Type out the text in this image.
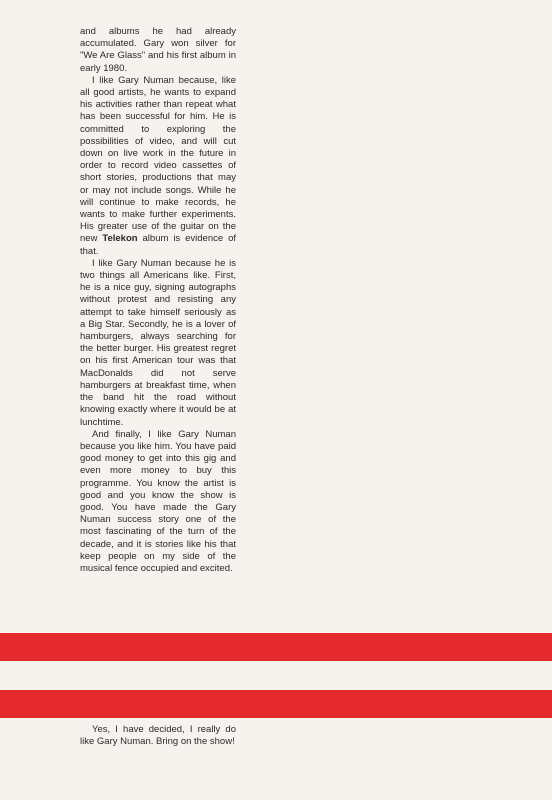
and albums he had already accumulated. Gary won silver for "We Are Glass" and his first album in early 1980.

I like Gary Numan because, like all good artists, he wants to expand his activities rather than repeat what has been successful for him. He is committed to exploring the possibilities of video, and will cut down on live work in the future in order to record video cassettes of short stories, productions that may or may not include songs. While he will continue to make records, he wants to make further experiments. His greater use of the guitar on the new Telekon album is evidence of that.

I like Gary Numan because he is two things all Americans like. First, he is a nice guy, signing autographs without protest and resisting any attempt to take himself seriously as a Big Star. Secondly, he is a lover of hamburgers, always searching for the better burger. His greatest regret on his first American tour was that MacDonalds did not serve hamburgers at breakfast time, when the band hit the road without knowing exactly where it would be at lunchtime.

And finally, I like Gary Numan because you like him. You have paid good money to get into this gig and even more money to buy this programme. You know the artist is good and you know the show is good. You have made the Gary Numan success story one of the most fascinating of the turn of the decade, and it is stories like his that keep people on my side of the musical fence occupied and excited.

Yes, I have decided, I really do like Gary Numan. Bring on the show!
